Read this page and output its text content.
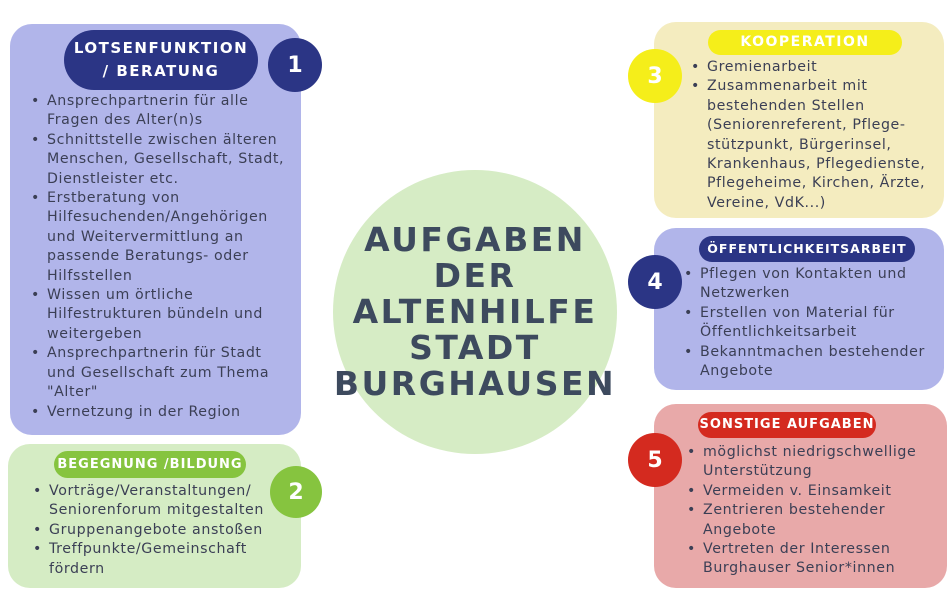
LOTSENFUNKTION
/ BERATUNG	1
• Ansprechpartnerin für alle Fragen des Alter(n)s
• Schnittstelle zwischen älteren Menschen, Gesellschaft, Stadt, Dienstleister etc.
• Erstberatung von Hilfesuchenden/Angehörigen und Weitervermittlung an passende Beratungs- oder Hilfsstellen
• Wissen um örtliche Hilfestrukturen bündeln und weitergeben
• Ansprechpartnerin für Stadt und Gesellschaft zum Thema "Alter"
• Vernetzung in der Region
BEGEGNUNG /BILDUNG
2
• Vorträge/Veranstaltungen/ Seniorenforum mitgestalten
• Gruppenangebote anstoßen
• Treffpunkte/Gemeinschaft fördern
AUFGABEN
DER
ALTENHILFE
STADT
BURGHAUSEN
KOOPERATION
3	• Gremienarbeit
• Zusammenarbeit mit bestehenden Stellen (Seniorenreferent, Pflege-stützpunkt, Bürgerinsel, Krankenhaus, Pflegedienste, Pflegeheime, Kirchen, Ärzte, Vereine, VdK...)
ÖFFENTLICHKEITSARBEIT
4	• Pflegen von Kontakten und Netzwerken
• Erstellen von Material für Öffentlichkeitsarbeit
• Bekanntmachen bestehender Angebote
SONSTIGE AUFGABEN
5	• möglichst niedrigschwellige Unterstützung
• Vermeiden v. Einsamkeit
• Zentrieren bestehender Angebote
• Vertreten der Interessen Burghauser Senior*innen
